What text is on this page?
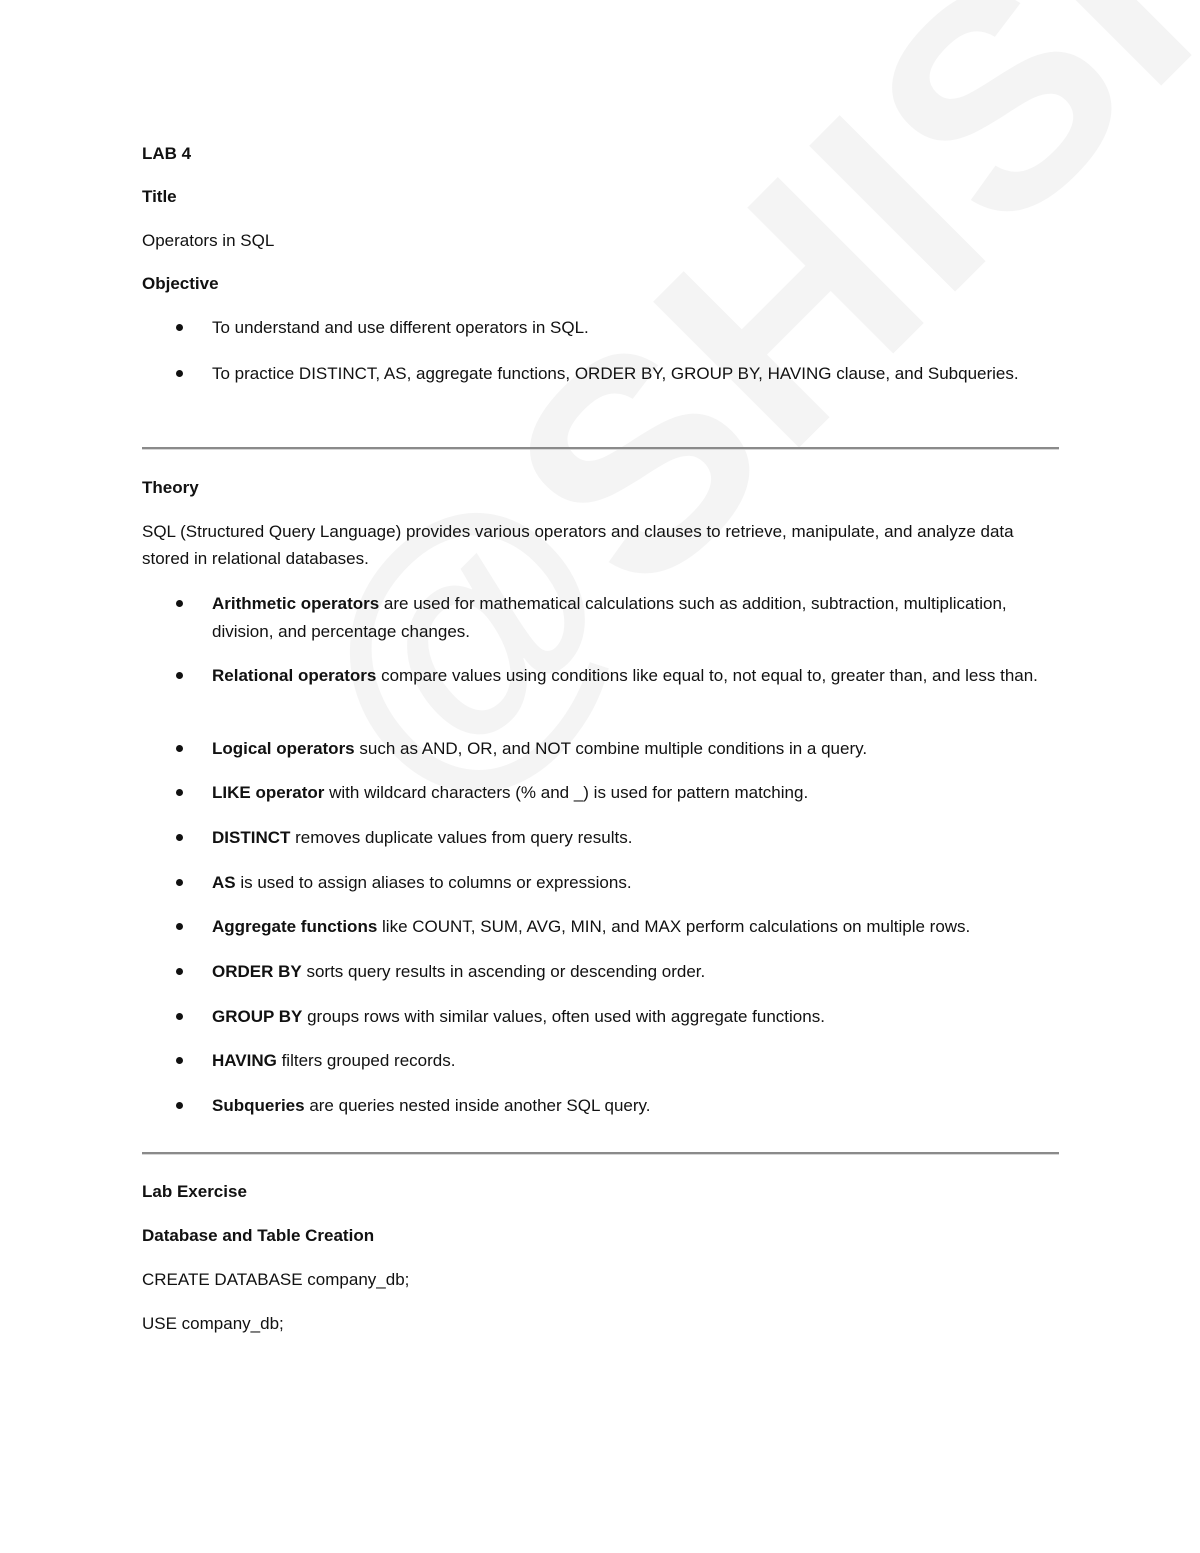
LAB 4
Title
Operators in SQL
Objective
To understand and use different operators in SQL.
To practice DISTINCT, AS, aggregate functions, ORDER BY, GROUP BY, HAVING clause, and Subqueries.
Theory
SQL (Structured Query Language) provides various operators and clauses to retrieve, manipulate, and analyze data stored in relational databases.
Arithmetic operators are used for mathematical calculations such as addition, subtraction, multiplication, division, and percentage changes.
Relational operators compare values using conditions like equal to, not equal to, greater than, and less than.
Logical operators such as AND, OR, and NOT combine multiple conditions in a query.
LIKE operator with wildcard characters (% and _) is used for pattern matching.
DISTINCT removes duplicate values from query results.
AS is used to assign aliases to columns or expressions.
Aggregate functions like COUNT, SUM, AVG, MIN, and MAX perform calculations on multiple rows.
ORDER BY sorts query results in ascending or descending order.
GROUP BY groups rows with similar values, often used with aggregate functions.
HAVING filters grouped records.
Subqueries are queries nested inside another SQL query.
Lab Exercise
Database and Table Creation
CREATE DATABASE company_db;
USE company_db;
